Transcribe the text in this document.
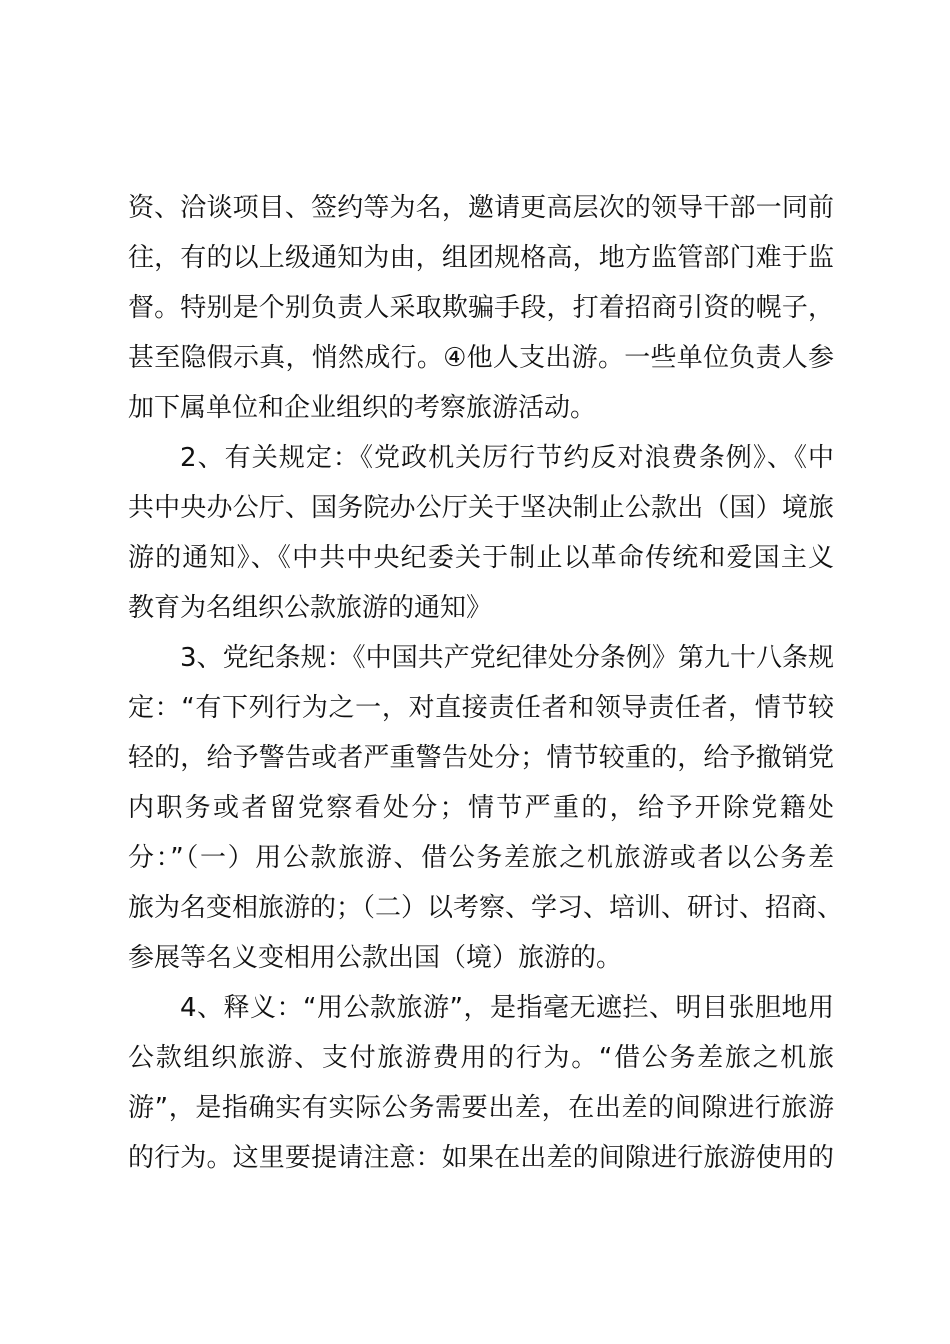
资、洽谈项目、签约等为名，邀请更高层次的领导干部一同前
往，有的以上级通知为由，组团规格高，地方监管部门难于监
督。特别是个别负责人采取欺骗手段，打着招商引资的幌子，
甚至隐假示真，悄然成行。④他人支出游。一些单位负责人参
加下属单位和企业组织的考察旅游活动。
2、有关规定：《党政机关厉行节约反对浪费条例》、《中
共中央办公厅、国务院办公厅关于坚决制止公款出（国）境旅
游的通知》、《中共中央纪委关于制止以革命传统和爱国主义
教育为名组织公款旅游的通知》
3、党纪条规：《中国共产党纪律处分条例》第九十八条规
定：“有下列行为之一，对直接责任者和领导责任者，情节较
轻的，给予警告或者严重警告处分；情节较重的，给予撤销党
内职务或者留党察看处分；情节严重的，给予开除党籍处
分：”（一）用公款旅游、借公务差旅之机旅游或者以公务差
旅为名变相旅游的；（二）以考察、学习、培训、研讨、招商、
参展等名义变相用公款出国（境）旅游的。
4、释义：“用公款旅游”，是指毫无遮拦、明目张胆地用
公款组织旅游、支付旅游费用的行为。“借公务差旅之机旅
游”，是指确实有实际公务需要出差，在出差的间隙进行旅游
的行为。这里要提请注意：如果在出差的间隙进行旅游使用的
